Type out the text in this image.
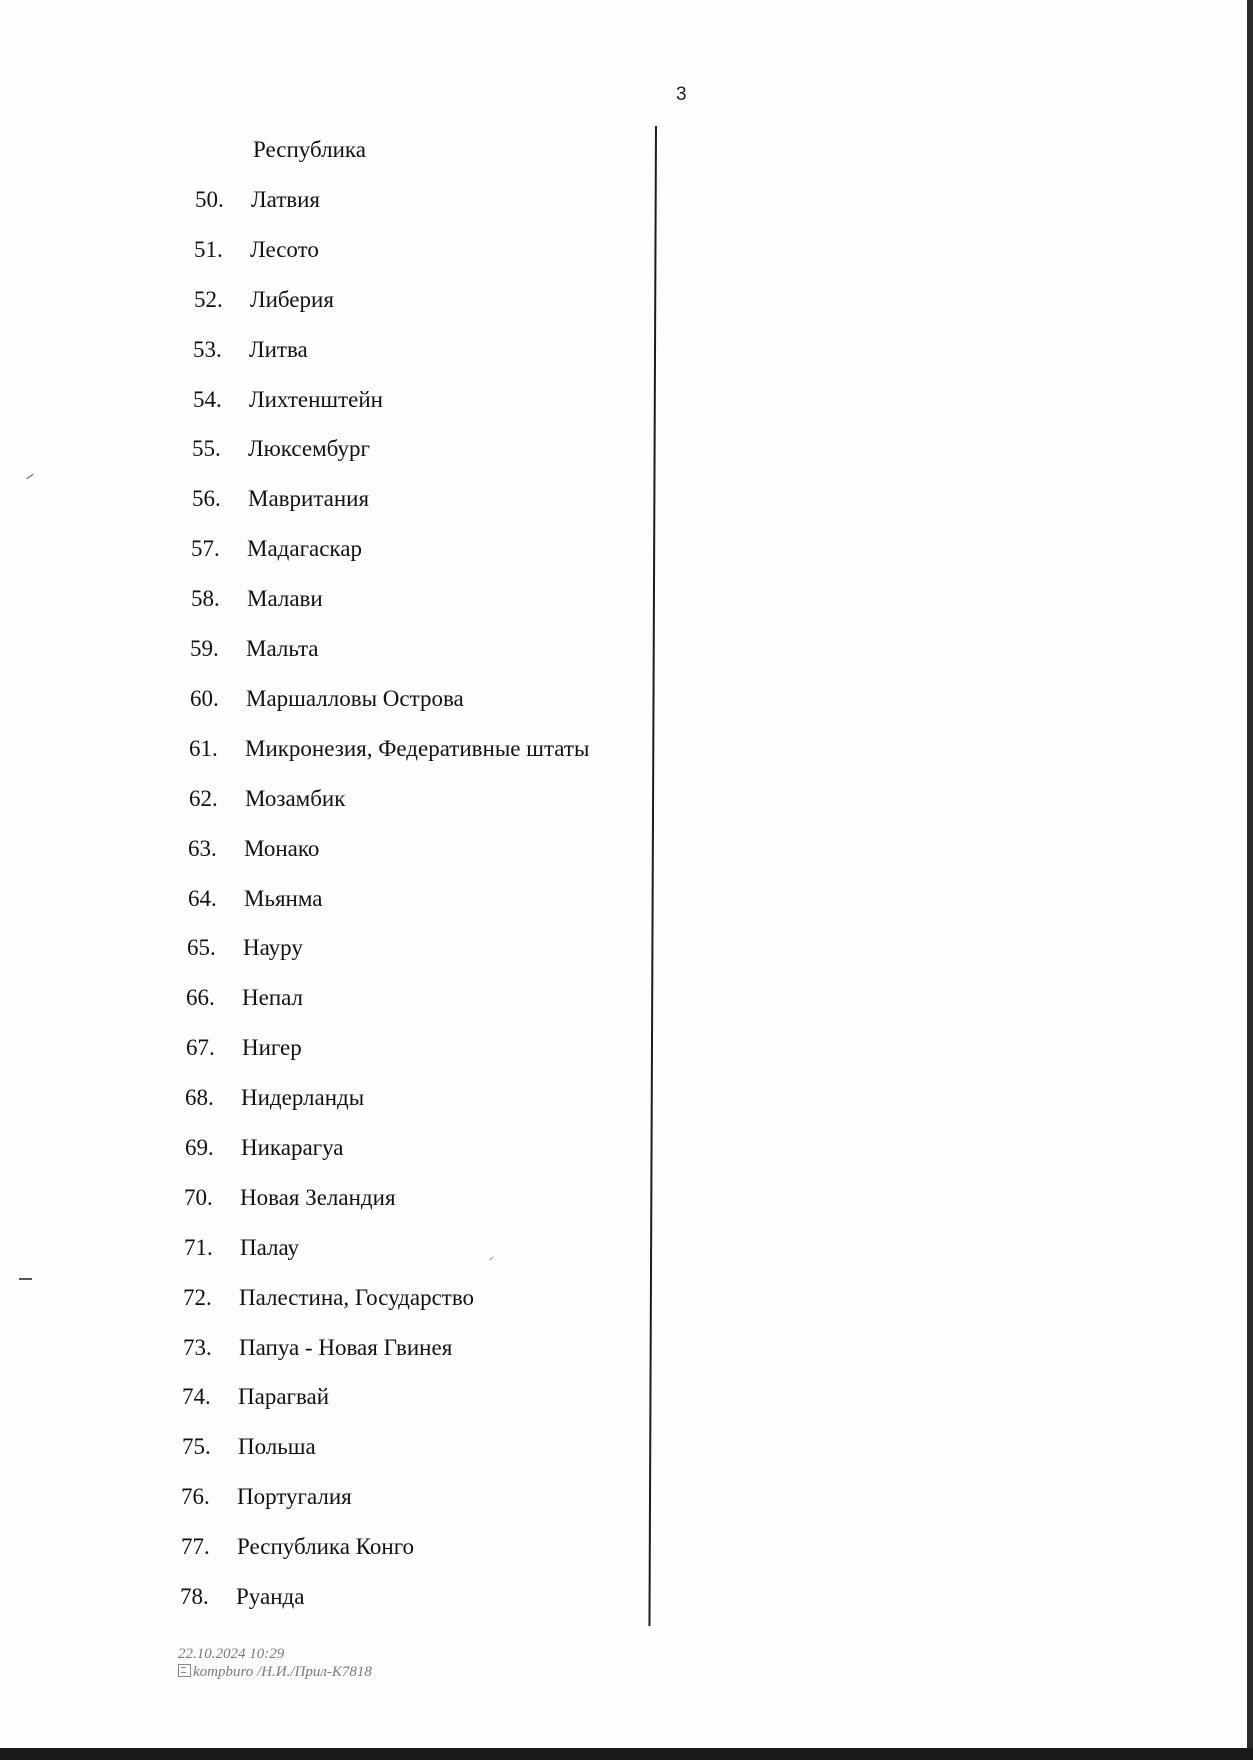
3
Республика
50. Латвия
51. Лесото
52. Либерия
53. Литва
54. Лихтенштейн
55. Люксембург
56. Мавритания
57. Мадагаскар
58. Малави
59. Мальта
60. Маршалловы Острова
61. Микронезия, Федеративные штаты
62. Мозамбик
63. Монако
64. Мьянма
65. Науру
66. Непал
67. Нигер
68. Нидерланды
69. Никарагуа
70. Новая Зеландия
71. Палау
72. Палестина, Государство
73. Папуа - Новая Гвинея
74. Парагвай
75. Польша
76. Португалия
77. Республика Конго
78. Руанда
22.10.2024 10:29
kompburo /Н.И./Прил-К7818
